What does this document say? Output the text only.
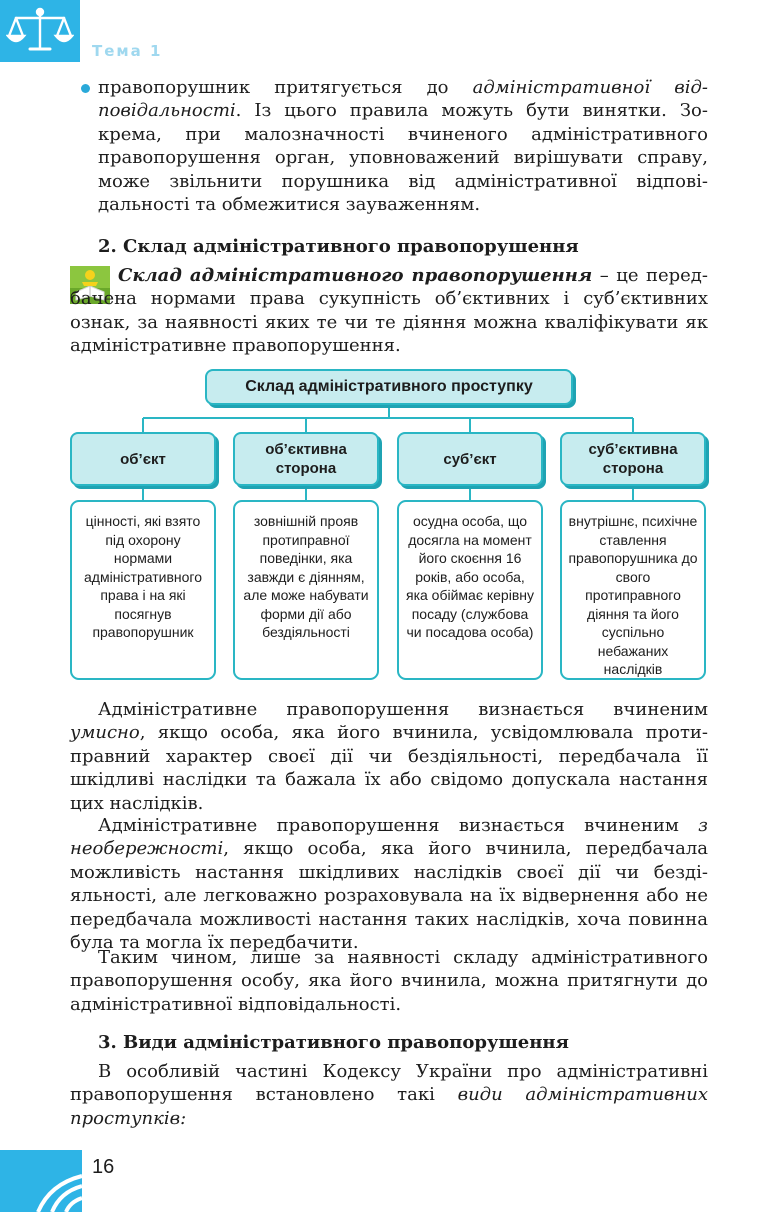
Тема 1
правопорушник притягується до адміністративної відповідальності. Із цього правила можуть бути винятки. Зокрема, при малозначності вчиненого адміністративного правопорушення орган, уповноважений вирішувати справу, може звільнити порушника від адміністративної відповідальності та обмежитися зауваженням.
2. Склад адміністративного правопорушення
Склад адміністративного правопорушення – це передбачена нормами права сукупність об’єктивних і суб’єктивних ознак, за наявності яких те чи те діяння можна кваліфікувати як адміністративне правопорушення.
Склад адміністративного проступку
об’єкт
об’єктивна сторона
суб’єкт
суб’єктивна сторона
цінності, які взято під охорону нормами адміністративного права і на які посягнув правопорушник
зовнішній прояв протиправної поведінки, яка завжди є діянням, але може набувати форми дії або бездіяльності
осудна особа, що досягла на момент його скоєння 16 років, або особа, яка обіймає керівну посаду (службова чи посадова особа)
внутрішнє, психічне ставлення правопорушника до свого протиправного діяння та його суспільно небажаних наслідків
Адміністративне правопорушення визнається вчиненим умисно, якщо особа, яка його вчинила, усвідомлювала протиправний характер своєї дії чи бездіяльності, передбачала її шкідливі наслідки та бажала їх або свідомо допускала настання цих наслідків.
Адміністративне правопорушення визнається вчиненим з необережності, якщо особа, яка його вчинила, передбачала можливість настання шкідливих наслідків своєї дії чи бездіяльності, але легковажно розраховувала на їх відвернення або не передбачала можливості настання таких наслідків, хоча повинна була та могла їх передбачити.
Таким чином, лише за наявності складу адміністративного правопорушення особу, яка його вчинила, можна притягнути до адміністративної відповідальності.
3. Види адміністративного правопорушення
В особливій частині Кодексу України про адміністративні правопорушення встановлено такі види адміністративних проступків:
16
